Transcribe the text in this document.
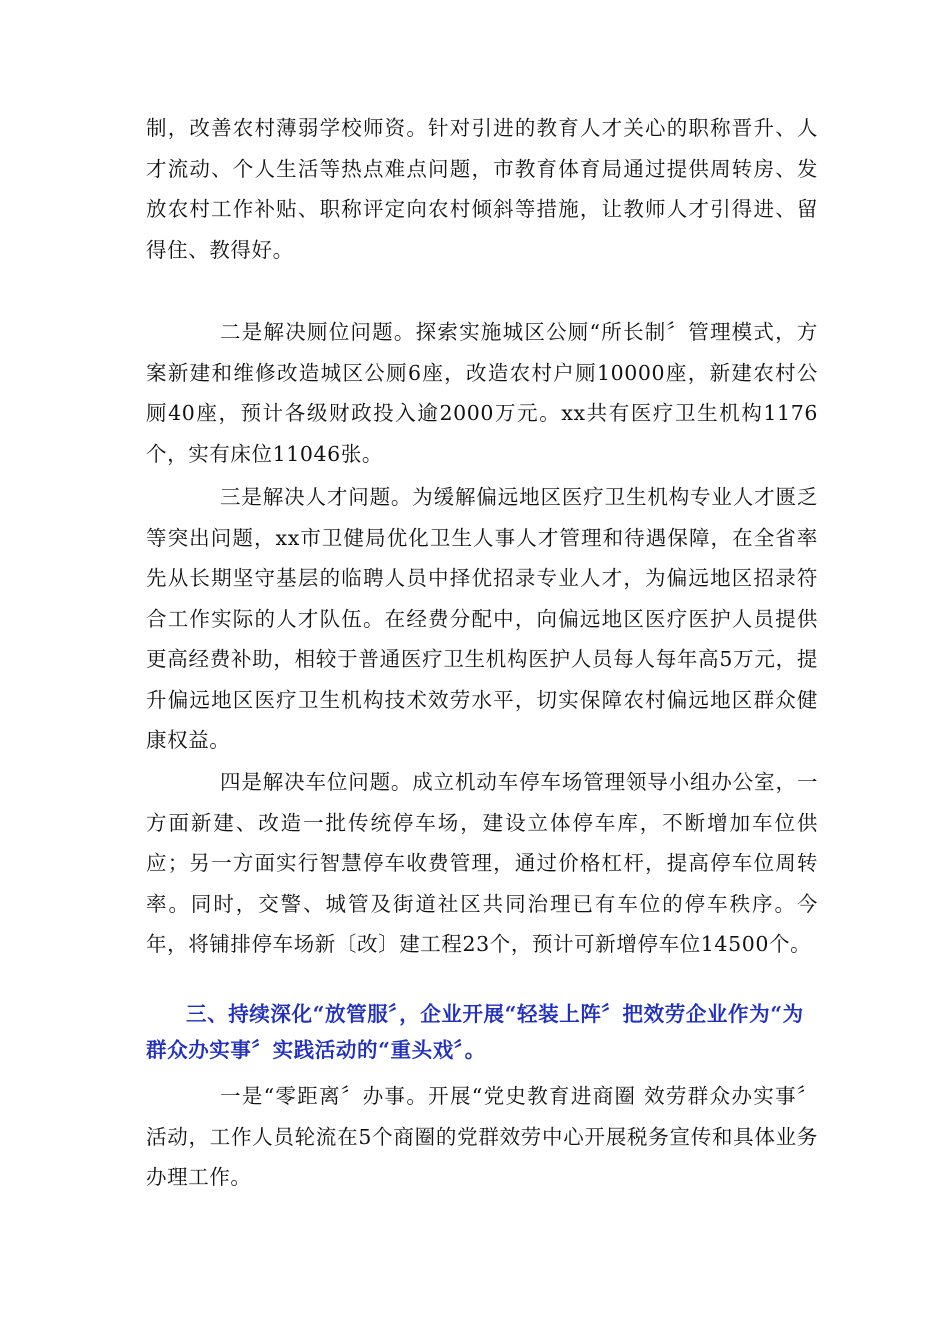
制，改善农村薄弱学校师资。针对引进的教育人才关心的职称晋升、人才流动、个人生活等热点难点问题，市教育体育局通过提供周转房、发放农村工作补贴、职称评定向农村倾斜等措施，让教师人才引得进、留得住、教得好。

二是解决厕位问题。探索实施城区公厕“所长制〞管理模式，方案新建和维修改造城区公厕6座，改造农村户厕10000座，新建农村公厕40座，预计各级财政投入逾2000万元。xx共有医疗卫生机构1176个，实有床位11046张。

三是解决人才问题。为缓解偏远地区医疗卫生机构专业人才匮乏等突出问题，xx市卫健局优化卫生人事人才管理和待遇保障，在全省率先从长期坚守基层的临聘人员中择优招录专业人才，为偏远地区招录符合工作实际的人才队伍。在经费分配中，向偏远地区医疗医护人员提供更高经费补助，相较于普通医疗卫生机构医护人员每人每年高5万元，提升偏远地区医疗卫生机构技术效劳水平，切实保障农村偏远地区群众健康权益。

四是解决车位问题。成立机动车停车场管理领导小组办公室，一方面新建、改造一批传统停车场，建设立体停车库，不断增加车位供应；另一方面实行智慧停车收费管理，通过价格杠杆，提高停车位周转率。同时，交警、城管及街道社区共同治理已有车位的停车秩序。今年，将铺排停车场新〔改〕建工程23个，预计可新增停车位14500个。

三、持续深化“放管服〞，企业开展“轻装上阵〞把效劳企业作为“为群众办实事〞实践活动的“重头戏〞。

一是“零距离〞办事。开展“党史教育进商圈 效劳群众办实事〞活动，工作人员轮流在5个商圈的党群效劳中心开展税务宣传和具体业务办理工作。
